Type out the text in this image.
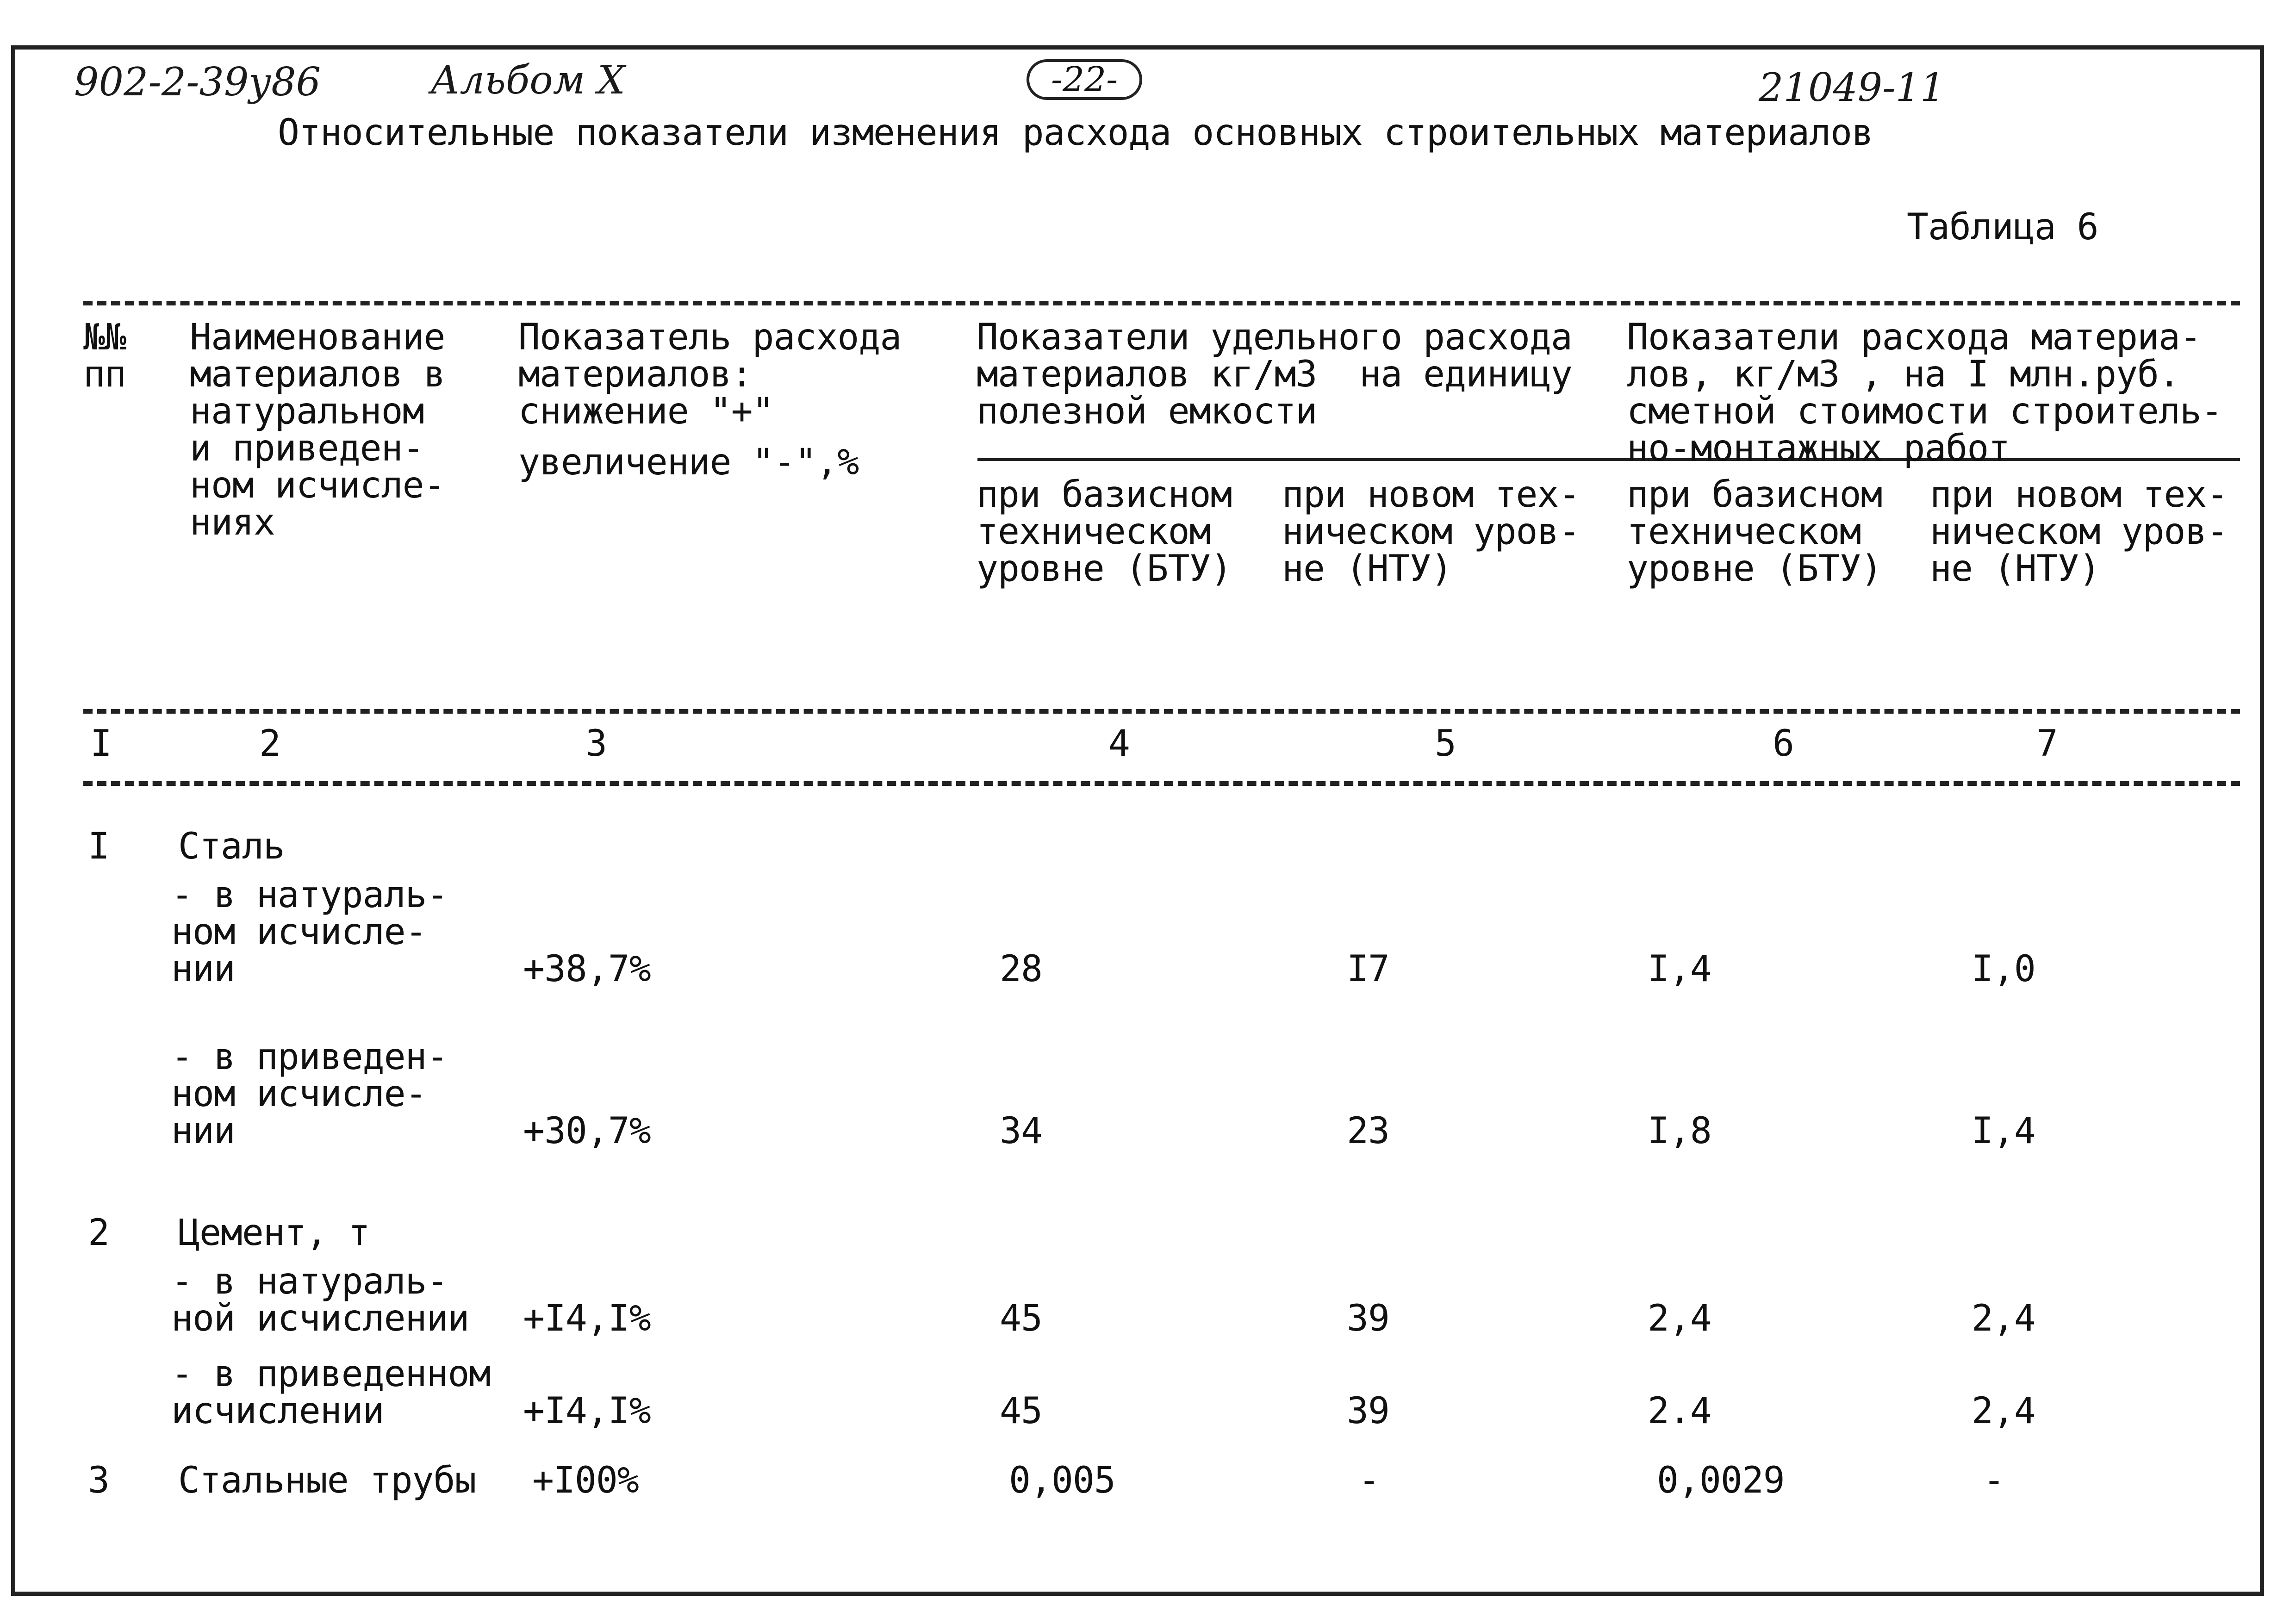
902-2-39у86	Альбом X	-22-	21049-11
Относительные показатели изменения расхода основных строительных материалов
Таблица 6
№№
пп
Наименование
материалов в
натуральном
и приведен-
ном исчисле-
ниях
Показатель расхода
материалов:
снижение "+"
увеличение "-",%
Показатели удельного расхода
материалов кг/м3  на единицу
полезной емкости
Показатели расхода материа-
лов, кг/м3 , на I млн.руб.
сметной стоимости строитель-
но-монтажных работ
при базисном
техническом
уровне (БТУ)
при новом тех-
ническом уров-
не (НТУ)
при базисном
техническом
уровне (БТУ)
при новом тех-
ническом уров-
не (НТУ)
I	2	3	4	5	6	7
I Сталь
- в натураль-
ном исчисле-
нии	+38,7%	28	I7	I,4	I,0
- в приведен-
ном исчисле-
нии	+30,7%	34	23	I,8	I,4
2 Цемент, т
- в натураль-
ной исчислении +I4,I%	45	39	2,4	2,4
- в приведенном
исчислении	+I4,I%	45	39	2.4	2,4
3 Стальные трубы +I00%	0,005	-	0,0029	-
